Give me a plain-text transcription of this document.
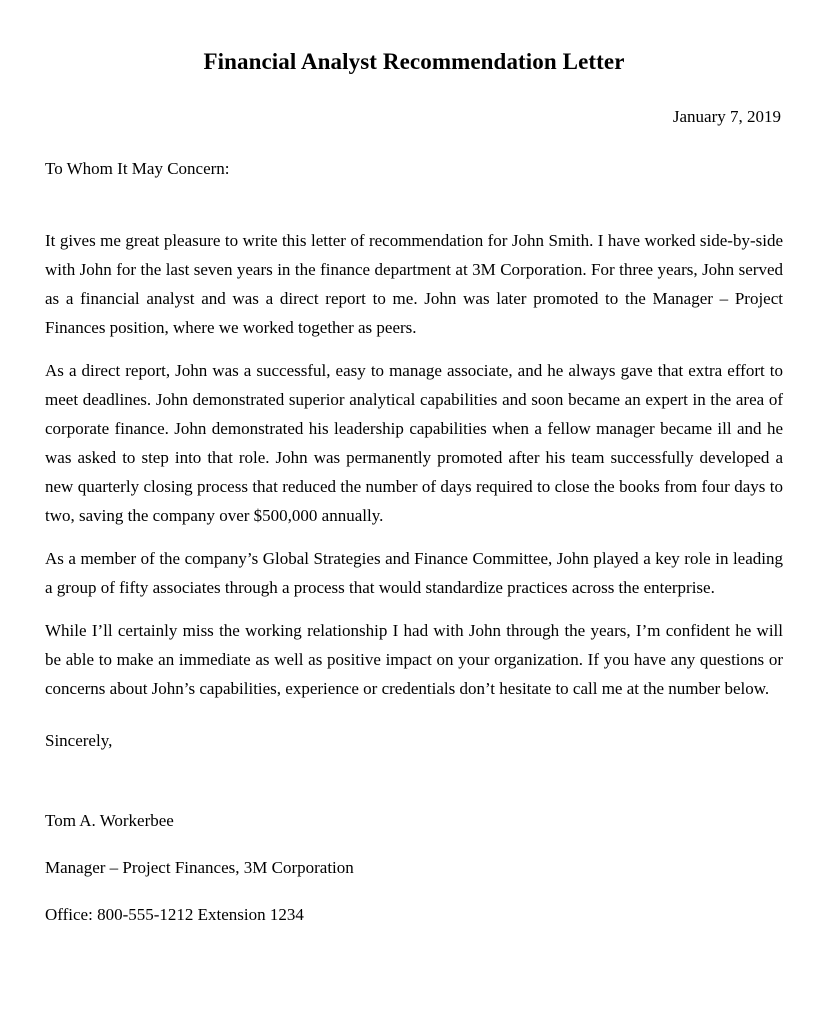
Financial Analyst Recommendation Letter
January 7, 2019
To Whom It May Concern:

It gives me great pleasure to write this letter of recommendation for John Smith. I have worked side-by-side with John for the last seven years in the finance department at 3M Corporation. For three years, John served as a financial analyst and was a direct report to me. John was later promoted to the Manager – Project Finances position, where we worked together as peers.

As a direct report, John was a successful, easy to manage associate, and he always gave that extra effort to meet deadlines. John demonstrated superior analytical capabilities and soon became an expert in the area of corporate finance. John demonstrated his leadership capabilities when a fellow manager became ill and he was asked to step into that role. John was permanently promoted after his team successfully developed a new quarterly closing process that reduced the number of days required to close the books from four days to two, saving the company over $500,000 annually.

As a member of the company’s Global Strategies and Finance Committee, John played a key role in leading a group of fifty associates through a process that would standardize practices across the enterprise.

While I’ll certainly miss the working relationship I had with John through the years, I’m confident he will be able to make an immediate as well as positive impact on your organization. If you have any questions or concerns about John’s capabilities, experience or credentials don’t hesitate to call me at the number below.

Sincerely,
Tom A. Workerbee
Manager – Project Finances, 3M Corporation
Office: 800-555-1212 Extension 1234
